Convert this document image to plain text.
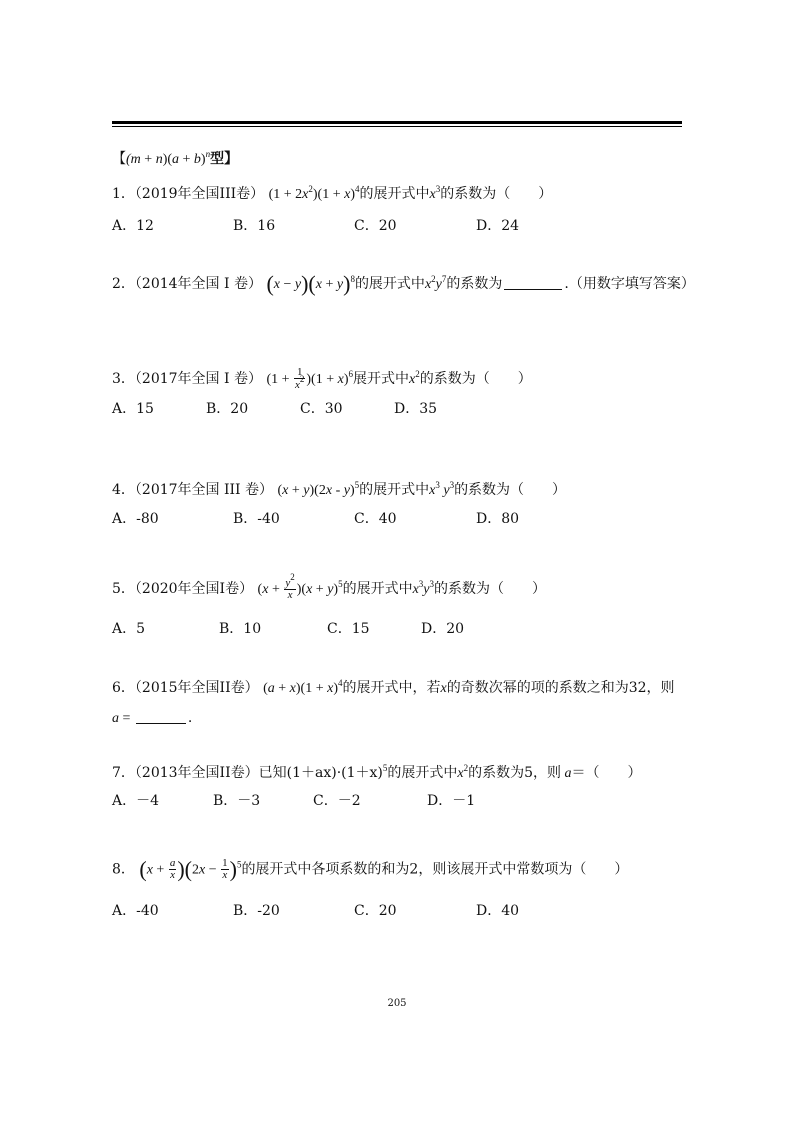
【$(m + n)(a + b)^n$型】
1．（2019年全国III卷） $(1 + 2x^2)(1 + x)^4$的展开式中$x^3$的系数为（　　）
A．12	B．16	C．20	D．24
2．（2014年全国 I 卷） $(x - y)(x + y)^8$的展开式中$x^2y^7$的系数为	.（用数字填写答案）
3．（2017年全国 I 卷） $(1 + \frac{1}{x^2} )(1 + x)^6$展开式中$x^2$的系数为（　　）
A．15	B．20	C．30	D．35
4．（2017年全国 III 卷） (x + y)(2x - y)$^5$的展开式中$x^3$ $y^3$的系数为（　　）
A．-80	B．-40	C．40	D．80
5．（2020年全国I卷） $(x + \frac{y^2}{x} )(x + y)^5$的展开式中$x^3y^3$的系数为（　　）
A．5	B．10	C．15	D．20
6．（2015年全国II卷） $(a + x)(1 + x)^4$的展开式中，若x的奇数次幂的项的系数之和为32，则
a =	.
7．（2013年全国II卷）已知$(1+ax)\cdot(1+x)^5$的展开式中$x^2$的系数为5，则 a＝（　　）
A．－4	B．－3	C．－2	D．－1
8． $(x + \frac{a}{x} )(2x - \frac{1}{x} )^5$的展开式中各项系数的和为2，则该展开式中常数项为（　　）
A．-40	B．-20	C．20	D．40
205
